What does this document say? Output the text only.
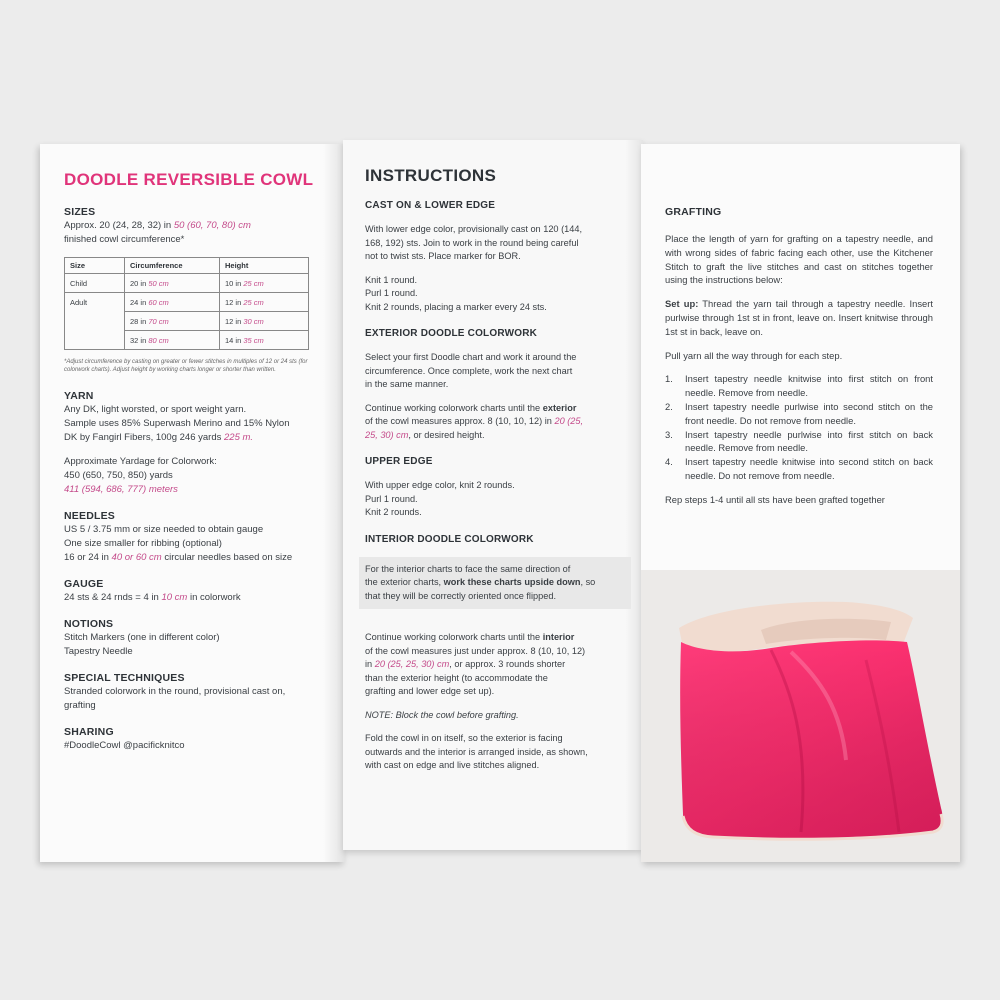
DOODLE REVERSIBLE COWL
SIZES
Approx. 20 (24, 28, 32) in 50 (60, 70, 80) cm
finished cowl circumference*
Size	Circumference	Height
Child	20 in 50 cm	10 in 25 cm
Adult	24 in 60 cm	12 in 25 cm
	28 in 70 cm	12 in 30 cm
	32 in 80 cm	14 in 35 cm
*Adjust circumference by casting on greater or fewer stitches in multiples of 12 or 24 sts (for colorwork charts). Adjust height by working charts longer or shorter than written.
YARN
Any DK, light worsted, or sport weight yarn.
Sample uses 85% Superwash Merino and 15% Nylon
DK by Fangirl Fibers, 100g 246 yards 225 m.
Approximate Yardage for Colorwork:
450 (650, 750, 850) yards
411 (594, 686, 777) meters
NEEDLES
US 5 / 3.75 mm or size needed to obtain gauge
One size smaller for ribbing (optional)
16 or 24 in 40 or 60 cm circular needles based on size
GAUGE
24 sts & 24 rnds = 4 in 10 cm in colorwork
NOTIONS
Stitch Markers (one in different color)
Tapestry Needle
SPECIAL TECHNIQUES
Stranded colorwork in the round, provisional cast on,
grafting
SHARING
#DoodleCowl @pacificknitco
INSTRUCTIONS
CAST ON & LOWER EDGE
With lower edge color, provisionally cast on 120 (144,
168, 192) sts. Join to work in the round being careful
not to twist sts. Place marker for BOR.
Knit 1 round.
Purl 1 round.
Knit 2 rounds, placing a marker every 24 sts.
EXTERIOR DOODLE COLORWORK
Select your first Doodle chart and work it around the
circumference. Once complete, work the next chart
in the same manner.
Continue working colorwork charts until the exterior
of the cowl measures approx. 8 (10, 10, 12) in 20 (25,
25, 30) cm, or desired height.
UPPER EDGE
With upper edge color, knit 2 rounds.
Purl 1 round.
Knit 2 rounds.
INTERIOR DOODLE COLORWORK
For the interior charts to face the same direction of
the exterior charts, work these charts upside down, so
that they will be correctly oriented once flipped.
Continue working colorwork charts until the interior
of the cowl measures just under approx. 8 (10, 10, 12)
in 20 (25, 25, 30) cm, or approx. 3 rounds shorter
than the exterior height (to accommodate the
grafting and lower edge set up).
NOTE: Block the cowl before grafting.
Fold the cowl in on itself, so the exterior is facing
outwards and the interior is arranged inside, as shown,
with cast on edge and live stitches aligned.
GRAFTING
Place the length of yarn for grafting on a tapestry needle, and with wrong sides of fabric facing each other, use the Kitchener Stitch to graft the live stitches and cast on stitches together using the instructions below:
Set up: Thread the yarn tail through a tapestry needle. Insert purlwise through 1st st in front, leave on. Insert knitwise through 1st st in back, leave on.
Pull yarn all the way through for each step.
1.	Insert tapestry needle knitwise into first stitch on front needle. Remove from needle.
2.	Insert tapestry needle purlwise into second stitch on the front needle. Do not remove from needle.
3.	Insert tapestry needle purlwise into first stitch on back needle. Remove from needle.
4.	Insert tapestry needle knitwise into second stitch on back needle. Do not remove from needle.
Rep steps 1-4 until all sts have been grafted together
